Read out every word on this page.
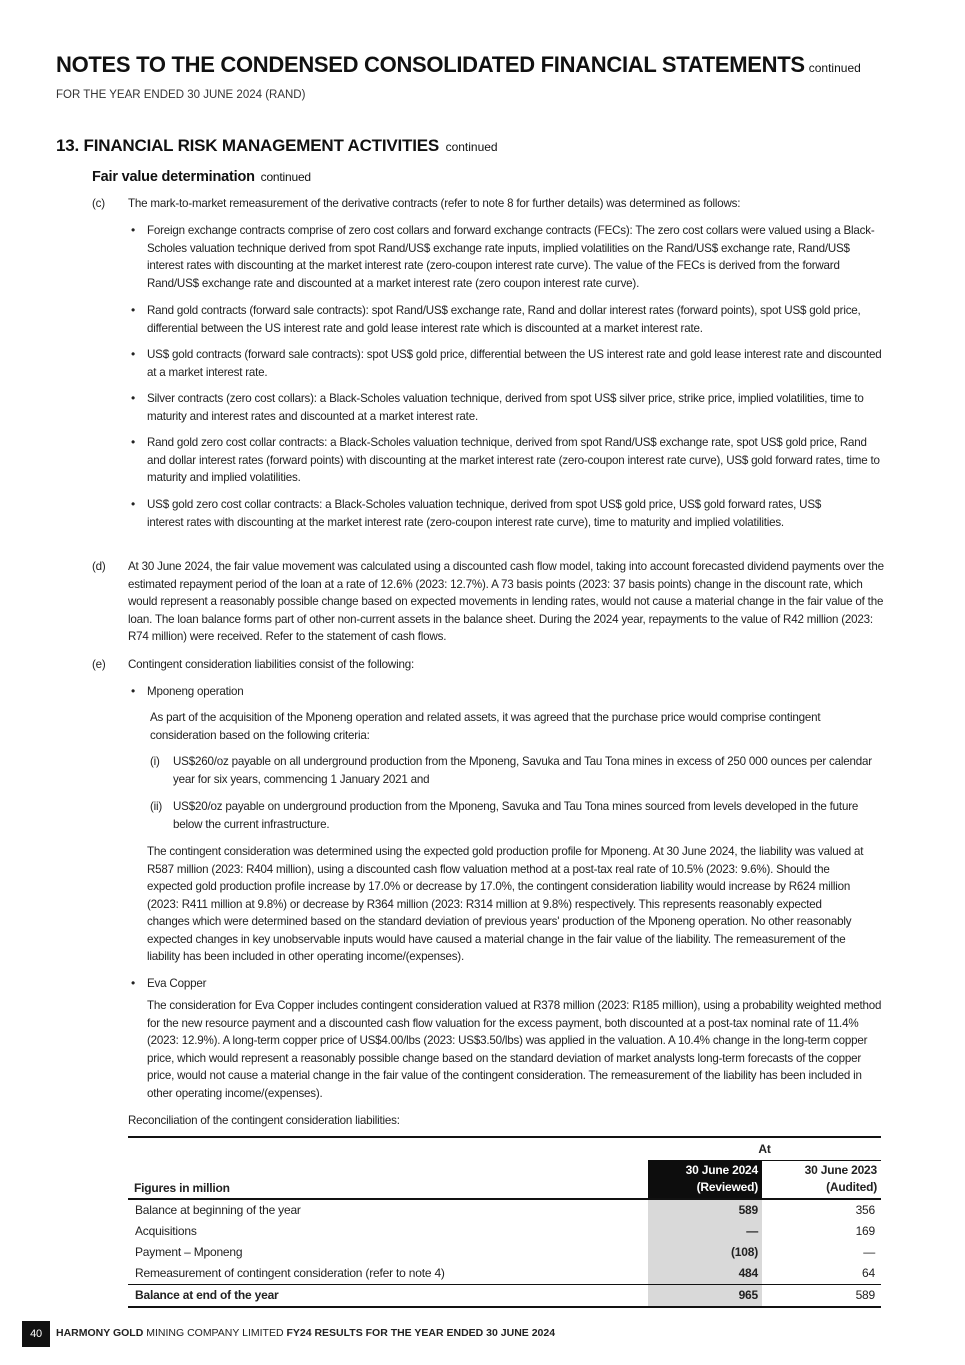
NOTES TO THE CONDENSED CONSOLIDATED FINANCIAL STATEMENTS continued
FOR THE YEAR ENDED 30 JUNE 2024 (RAND)
13. FINANCIAL RISK MANAGEMENT ACTIVITIES continued
Fair value determination continued
(c) The mark-to-market remeasurement of the derivative contracts (refer to note 8 for further details) was determined as follows:

• Foreign exchange contracts comprise of zero cost collars and forward exchange contracts (FECs): The zero cost collars were valued using a Black-Scholes valuation technique derived from spot Rand/US$ exchange rate inputs, implied volatilities on the Rand/US$ exchange rate, Rand/US$ interest rates with discounting at the market interest rate (zero-coupon interest rate curve). The value of the FECs is derived from the forward Rand/US$ exchange rate and discounted at a market interest rate (zero coupon interest rate curve).

• Rand gold contracts (forward sale contracts): spot Rand/US$ exchange rate, Rand and dollar interest rates (forward points), spot US$ gold price, differential between the US interest rate and gold lease interest rate which is discounted at a market interest rate.

• US$ gold contracts (forward sale contracts): spot US$ gold price, differential between the US interest rate and gold lease interest rate and discounted at a market interest rate.

• Silver contracts (zero cost collars): a Black-Scholes valuation technique, derived from spot US$ silver price, strike price, implied volatilities, time to maturity and interest rates and discounted at a market interest rate.

• Rand gold zero cost collar contracts: a Black-Scholes valuation technique, derived from spot Rand/US$ exchange rate, spot US$ gold price, Rand and dollar interest rates (forward points) with discounting at the market interest rate (zero-coupon interest rate curve), US$ gold forward rates, time to maturity and implied volatilities.

• US$ gold zero cost collar contracts: a Black-Scholes valuation technique, derived from spot US$ gold price, US$ gold forward rates, US$ interest rates with discounting at the market interest rate (zero-coupon interest rate curve), time to maturity and implied volatilities.

(d) At 30 June 2024, the fair value movement was calculated using a discounted cash flow model, taking into account forecasted dividend payments over the estimated repayment period of the loan at a rate of 12.6% (2023: 12.7%). A 73 basis points (2023: 37 basis points) change in the discount rate, which would represent a reasonably possible change based on expected movements in lending rates, would not cause a material change in the fair value of the loan. The loan balance forms part of other non-current assets in the balance sheet. During the 2024 year, repayments to the value of R42 million (2023: R74 million) were received. Refer to the statement of cash flows.

(e) Contingent consideration liabilities consist of the following:

• Mponeng operation

As part of the acquisition of the Mponeng operation and related assets, it was agreed that the purchase price would comprise contingent consideration based on the following criteria:

(i) US$260/oz payable on all underground production from the Mponeng, Savuka and Tau Tona mines in excess of 250 000 ounces per calendar year for six years, commencing 1 January 2021 and

(ii) US$20/oz payable on underground production from the Mponeng, Savuka and Tau Tona mines sourced from levels developed in the future below the current infrastructure.

The contingent consideration was determined using the expected gold production profile for Mponeng. At 30 June 2024, the liability was valued at R587 million (2023: R404 million), using a discounted cash flow valuation method at a post-tax real rate of 10.5% (2023: 9.6%). Should the expected gold production profile increase by 17.0% or decrease by 17.0%, the contingent consideration liability would increase by R624 million (2023: R411 million at 9.8%) or decrease by R364 million (2023: R314 million at 9.8%) respectively. This represents reasonably expected changes which were determined based on the standard deviation of previous years' production of the Mponeng operation. No other reasonably expected changes in key unobservable inputs would have caused a material change in the fair value of the liability. The remeasurement of the liability has been included in other operating income/(expenses).

• Eva Copper

The consideration for Eva Copper includes contingent consideration valued at R378 million (2023: R185 million), using a probability weighted method for the new resource payment and a discounted cash flow valuation for the excess payment, both discounted at a post-tax nominal rate of 11.4% (2023: 12.9%). A long-term copper price of US$4.00/lbs (2023: US$3.50/lbs) was applied in the valuation. A 10.4% change in the long-term copper price, which would represent a reasonably possible change based on the standard deviation of market analysts long-term forecasts of the copper price, would not cause a material change in the fair value of the contingent consideration. The remeasurement of the liability has been included in other operating income/(expenses).

Reconciliation of the contingent consideration liabilities:

At
Figures in million
30 June 2024
(Reviewed)
30 June 2023
(Audited)
Balance at beginning of the year	589	356
Acquisitions	—	169
Payment – Mponeng	(108)	—
Remeasurement of contingent consideration (refer to note 4)	484	64
Balance at end of the year	965	589
40	HARMONY GOLD MINING COMPANY LIMITED FY24 RESULTS FOR THE YEAR ENDED 30 JUNE 2024
